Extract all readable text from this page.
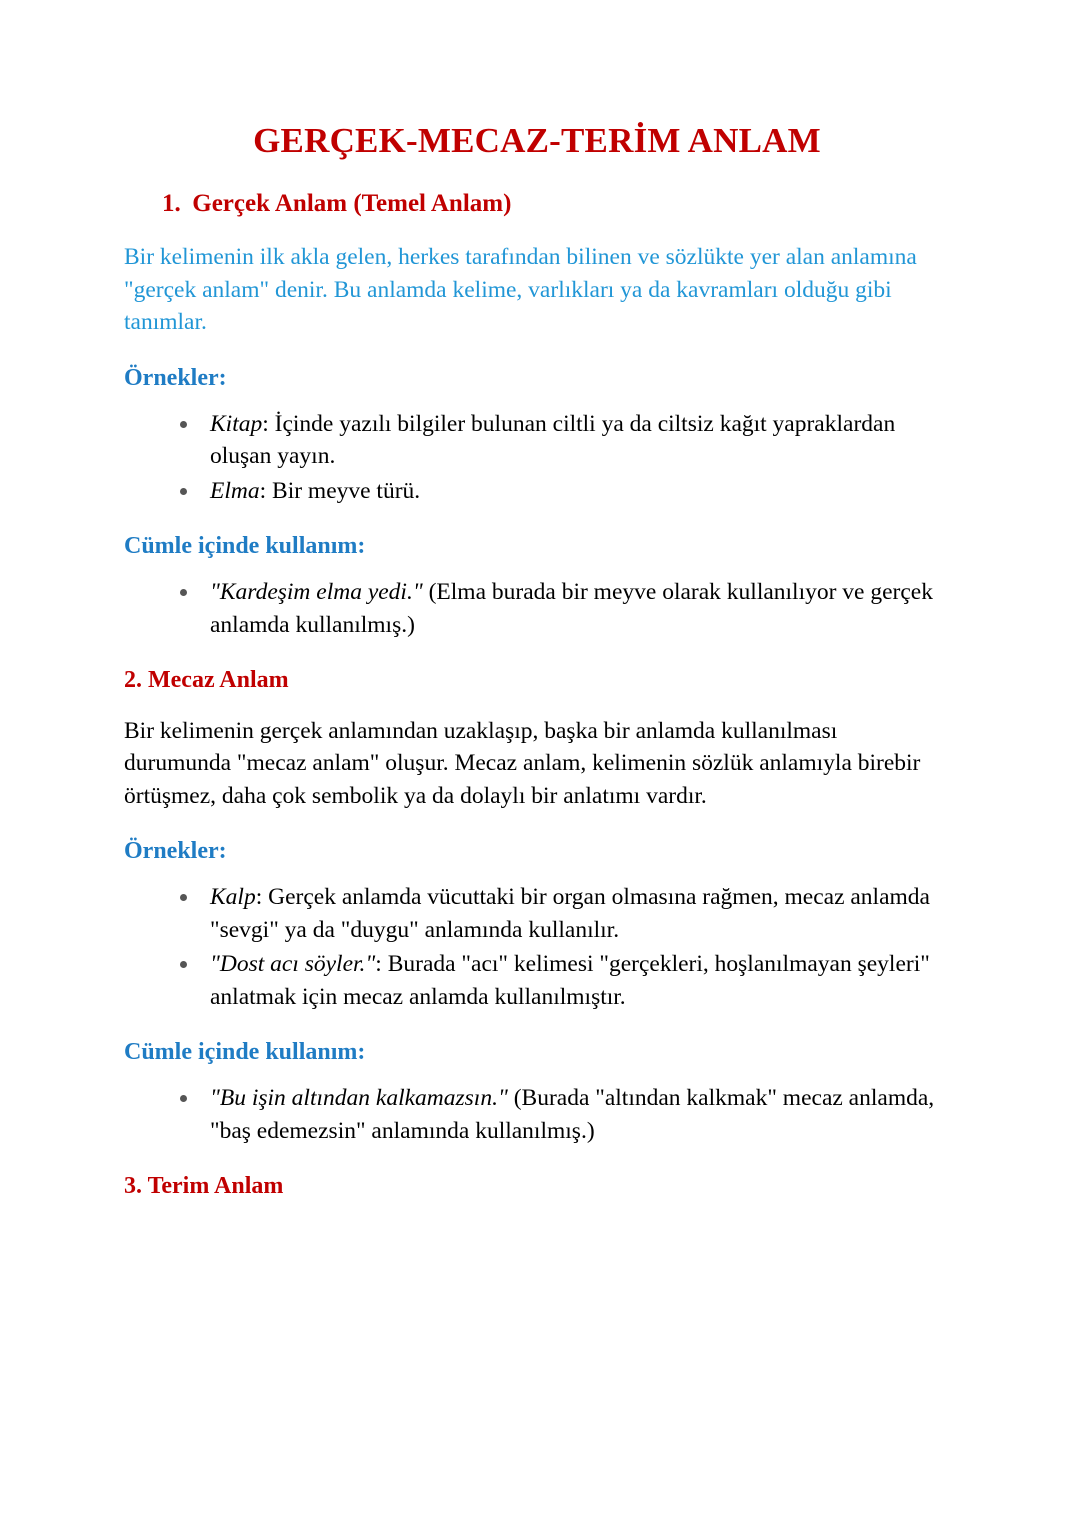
GERÇEK-MECAZ-TERİM ANLAM
1. Gerçek Anlam (Temel Anlam)

Bir kelimenin ilk akla gelen, herkes tarafından bilinen ve sözlükte yer alan anlamına "gerçek anlam" denir. Bu anlamda kelime, varlıkları ya da kavramları olduğu gibi tanımlar.

Örnekler:
Kitap: İçinde yazılı bilgiler bulunan ciltli ya da ciltsiz kağıt yapraklardan oluşan yayın.
Elma: Bir meyve türü.
Cümle içinde kullanım:
"Kardeşim elma yedi." (Elma burada bir meyve olarak kullanılıyor ve gerçek anlamda kullanılmış.)
2. Mecaz Anlam

Bir kelimenin gerçek anlamından uzaklaşıp, başka bir anlamda kullanılması durumunda "mecaz anlam" oluşur. Mecaz anlam, kelimenin sözlük anlamıyla birebir örtüşmez, daha çok sembolik ya da dolaylı bir anlatımı vardır.

Örnekler:
Kalp: Gerçek anlamda vücuttaki bir organ olmasına rağmen, mecaz anlamda "sevgi" ya da "duygu" anlamında kullanılır.
"Dost acı söyler.": Burada "acı" kelimesi "gerçekleri, hoşlanılmayan şeyleri" anlatmak için mecaz anlamda kullanılmıştır.
Cümle içinde kullanım:
"Bu işin altından kalkamazsın." (Burada "altından kalkmak" mecaz anlamda, "baş edemezsin" anlamında kullanılmış.)
3. Terim Anlam
